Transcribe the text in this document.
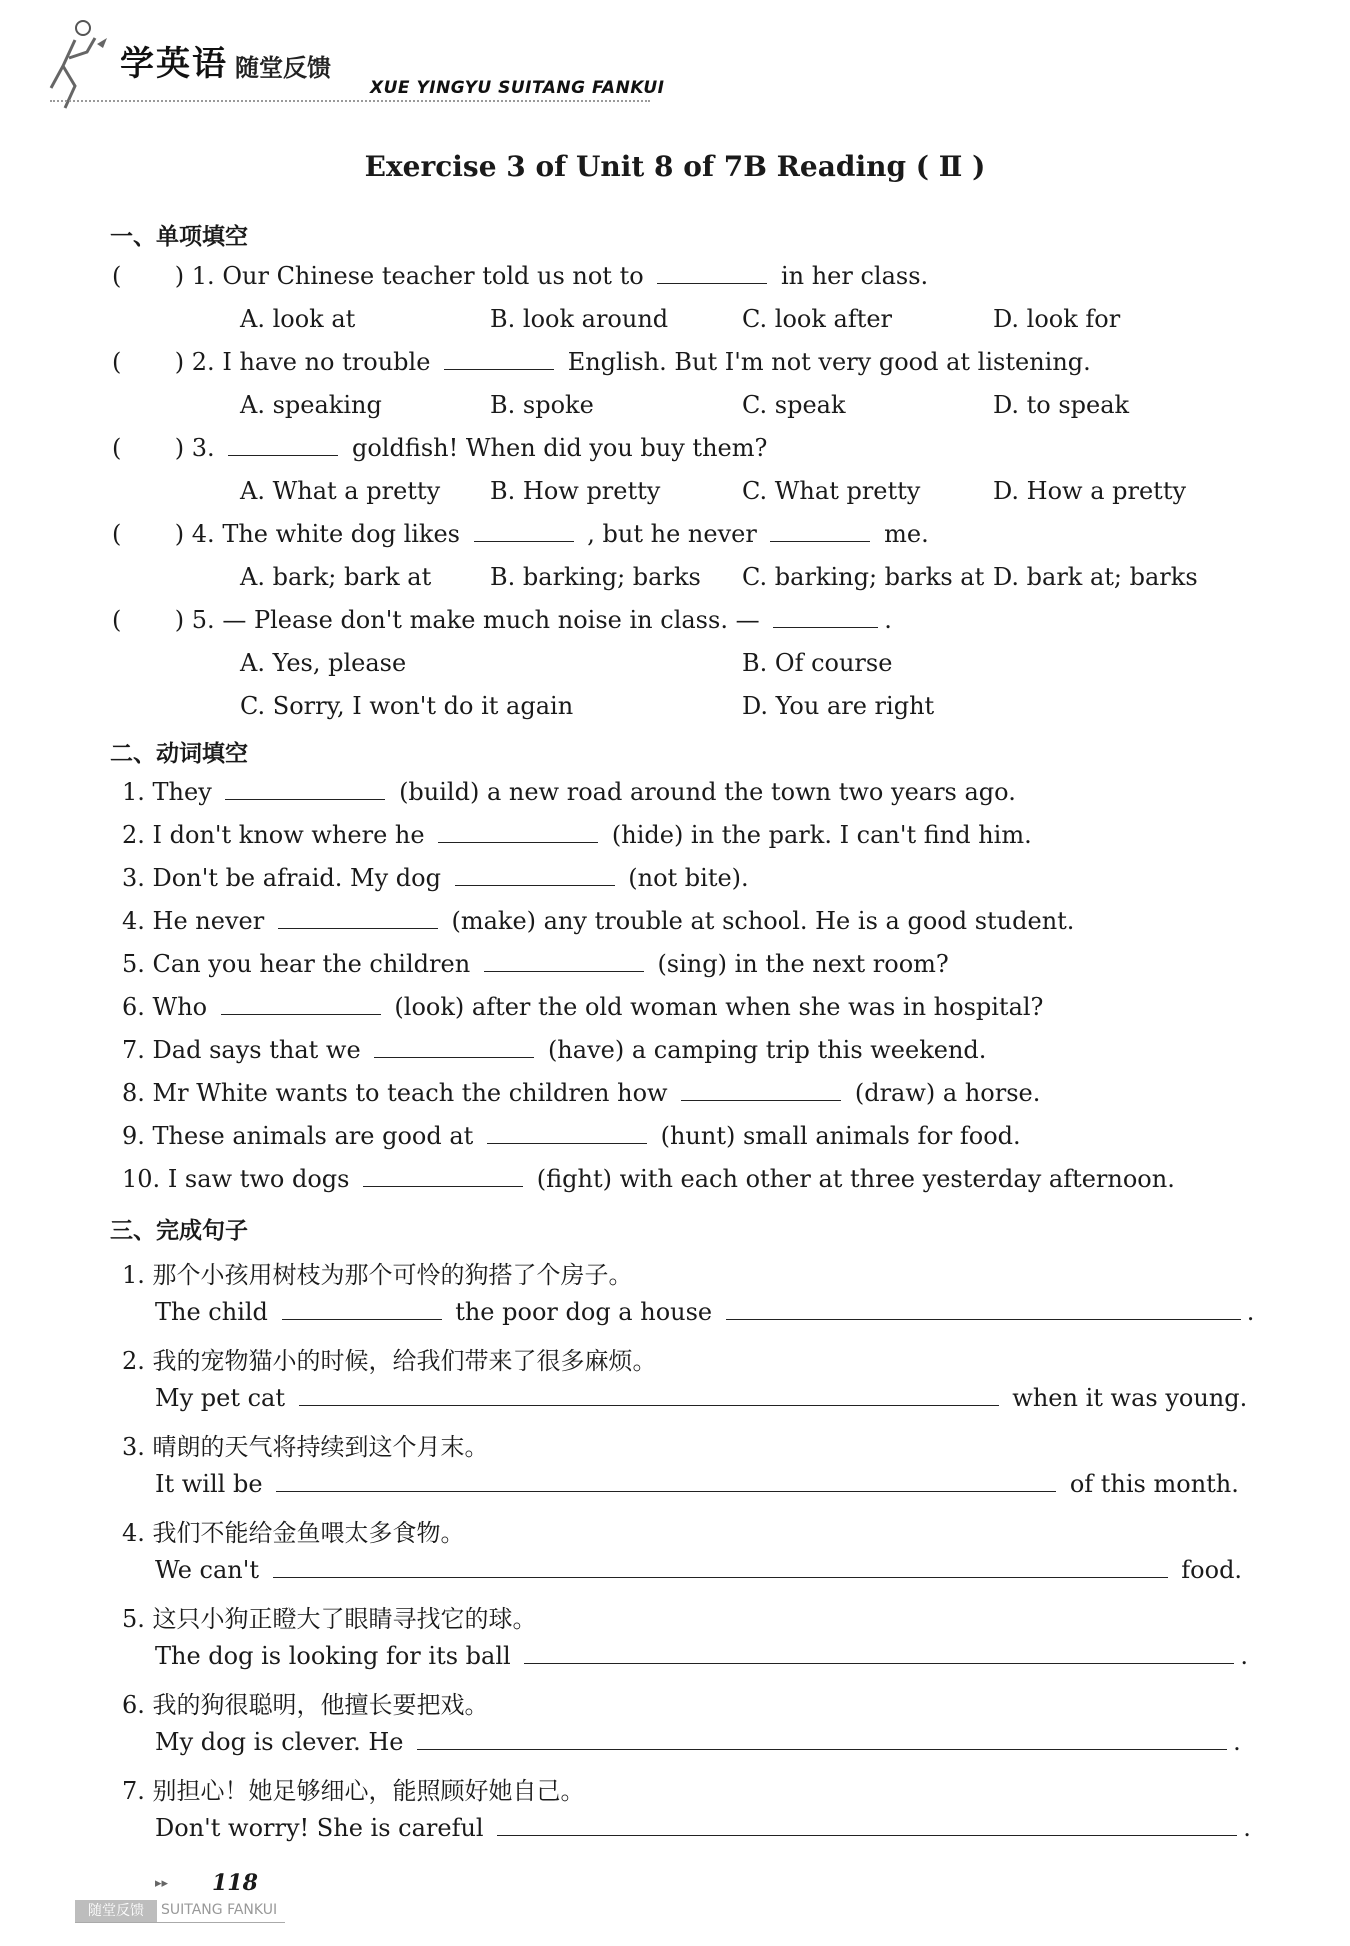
学英语 随堂反馈
XUE YINGYU SUITANG FANKUI
Exercise 3 of Unit 8 of 7B Reading ( Ⅱ )
一、单项填空
(       ) 1. Our Chinese teacher told us not to	in her class.
A. look at	B. look around	C. look after	D. look for
(       ) 2. I have no trouble	English. But I'm not very good at listening.
A. speaking	B. spoke	C. speak	D. to speak
(       ) 3.	goldfish! When did you buy them?
A. What a pretty B. How pretty	C. What pretty	D. How a pretty
(       ) 4. The white dog likes	, but he never	me.
A. bark; bark at B. barking; barks C. barking; barks at D. bark at; barks
(       ) 5. — Please don't make much noise in class. —	.
A. Yes, please	B. Of course
C. Sorry, I won't do it again	D. You are right
二、动词填空
1. They	(build) a new road around the town two years ago.
2. I don't know where he	(hide) in the park. I can't find him.
3. Don't be afraid. My dog	(not bite).
4. He never	(make) any trouble at school. He is a good student.
5. Can you hear the children	(sing) in the next room?
6. Who	(look) after the old woman when she was in hospital?
7. Dad says that we	(have) a camping trip this weekend.
8. Mr White wants to teach the children how	(draw) a horse.
9. These animals are good at	(hunt) small animals for food.
10. I saw two dogs	(fight) with each other at three yesterday afternoon.
三、完成句子
1. 那个小孩用树枝为那个可怜的狗搭了个房子。
The child	the poor dog a house	.
2. 我的宠物猫小的时候，给我们带来了很多麻烦。
My pet cat	when it was young.
3. 晴朗的天气将持续到这个月末。
It will be	of this month.
4. 我们不能给金鱼喂太多食物。
We can't	food.
5. 这只小狗正瞪大了眼睛寻找它的球。
The dog is looking for its ball	.
6. 我的狗很聪明，他擅长要把戏。
My dog is clever. He	.
7. 别担心！她足够细心，能照顾好她自己。
Don't worry! She is careful	.
▸▸ 118
随堂反馈	SUITANG FANKUI
